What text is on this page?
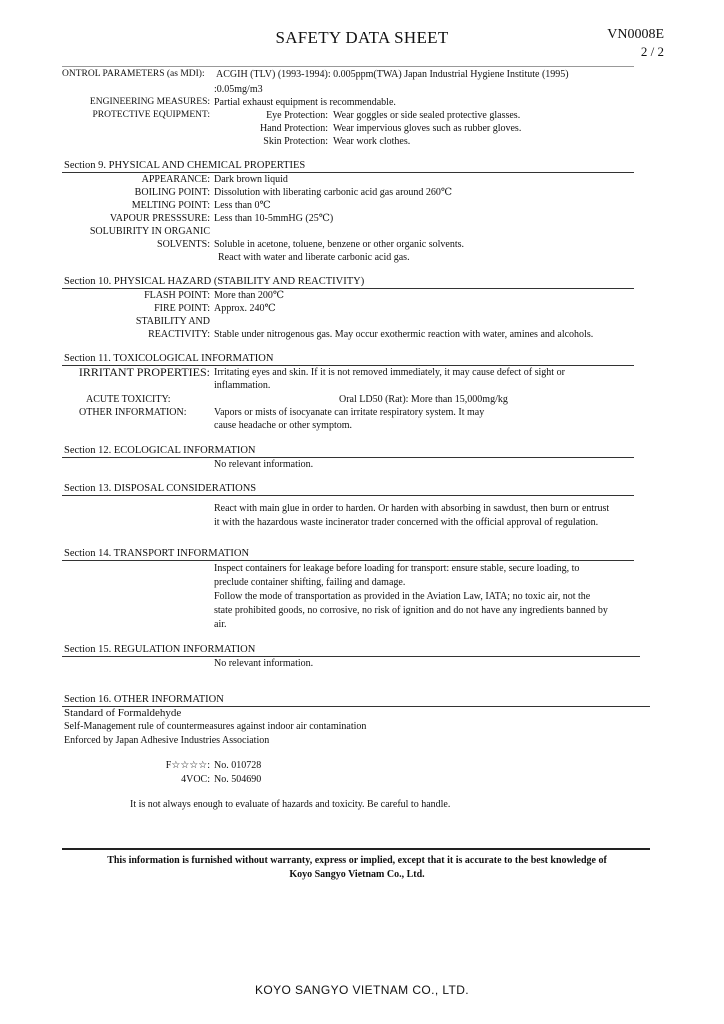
SAFETY DATA SHEET	VN0008E
2 / 2
ONTROL PARAMETERS (as MDI): ACGIH (TLV) (1993-1994): 0.005ppm(TWA) Japan Industrial Hygiene Institute (1995)
:0.05mg/m3
ENGINEERING MEASURES: Partial exhaust equipment is recommendable.
PROTECTIVE EQUIPMENT:	Eye Protection: Wear goggles or side sealed protective glasses.
Hand Protection: Wear impervious gloves such as rubber gloves.
Skin Protection: Wear work clothes.
Section 9. PHYSICAL AND CHEMICAL PROPERTIES
APPEARANCE: Dark brown liquid
BOILING POINT: Dissolution with liberating carbonic acid gas around 260℃
MELTING POINT: Less than 0℃
VAPOUR PRESSSURE: Less than 10-5mmHG (25℃)
SOLUBIRITY IN ORGANIC
SOLVENTS: Soluble in acetone, toluene, benzene or other organic solvents.
React with water and liberate carbonic acid gas.
Section 10. PHYSICAL HAZARD (STABILITY AND REACTIVITY)
FLASH POINT: More than 200℃
FIRE POINT: Approx. 240℃
STABILITY AND
REACTIVITY: Stable under nitrogenous gas. May occur exothermic reaction with water, amines and alcohols.
Section 11. TOXICOLOGICAL INFORMATION
IRRITANT PROPERTIES: Irritating eyes and skin. If it is not removed immediately, it may cause defect of sight or
inflammation.
ACUTE TOXICITY:	Oral LD50 (Rat): More than 15,000mg/kg
OTHER INFORMATION:	Vapors or mists of isocyanate can irritate respiratory system. It may
cause headache or other symptom.
Section 12. ECOLOGICAL INFORMATION
No relevant information.
Section 13. DISPOSAL CONSIDERATIONS
React with main glue in order to harden. Or harden with absorbing in sawdust, then burn or entrust
it with the hazardous waste incinerator trader concerned with the official approval of regulation.
Section 14. TRANSPORT INFORMATION
Inspect containers for leakage before loading for transport: ensure stable, secure loading, to
preclude container shifting, failing and damage.
Follow the mode of transportation as provided in the Aviation Law, IATA; no toxic air, not the
state prohibited goods, no corrosive, no risk of ignition and do not have any ingredients banned by
air.
Section 15. REGULATION INFORMATION
No relevant information.
Section 16. OTHER INFORMATION
Standard of Formaldehyde
Self-Management rule of countermeasures against indoor air contamination
Enforced by Japan Adhesive Industries Association
F☆☆☆☆: No. 010728
4VOC: No. 504690
It is not always enough to evaluate of hazards and toxicity. Be careful to handle.
This information is furnished without warranty, express or implied, except that it is accurate to the best knowledge of
Koyo Sangyo Vietnam Co., Ltd.
KOYO SANGYO VIETNAM CO., LTD.
